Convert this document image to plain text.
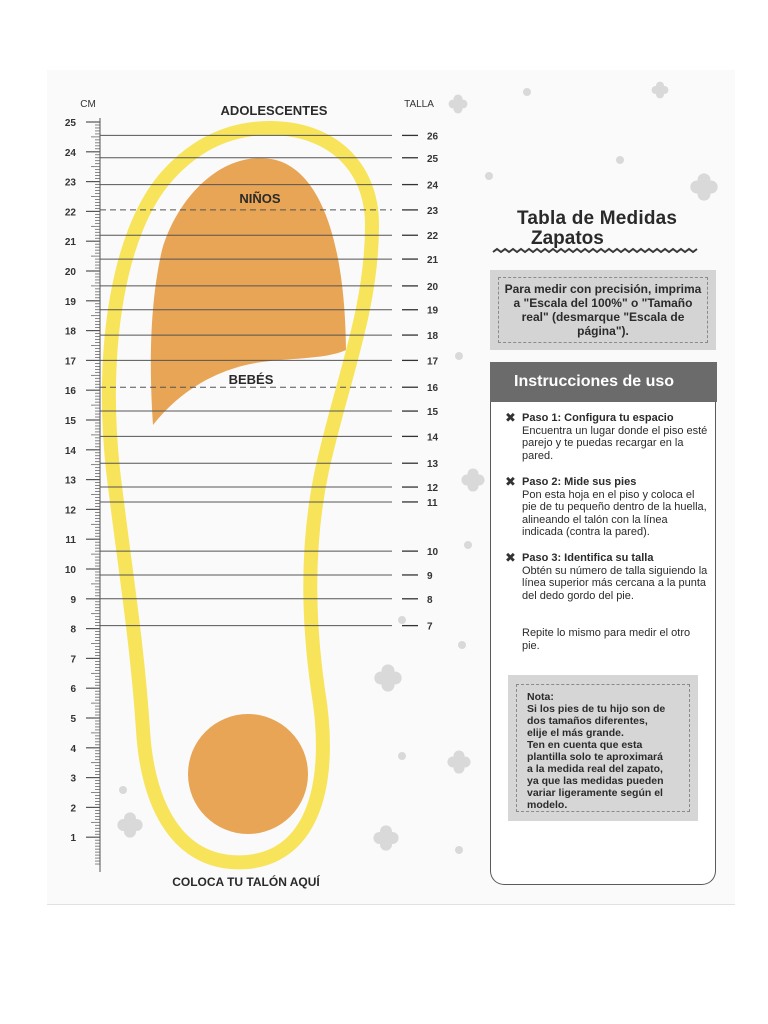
25
24
23
22
21
20
19
18
17
16
15
14
13
12
11
10
9
8
7
6
5
4
3
2
1
26
25
24
23
22
21
20
19
18
17
16
15
14
13
12
11
10
9
8
7
CM	TALLA
ADOLESCENTES
NIÑOS
BEBÉS
COLOCA TU TALÓN AQUÍ
Tabla de Medidas
Zapatos
Para medir con precisión, imprima a "Escala del 100%" o "Tamaño real" (desmarque "Escala de página").
Instrucciones de uso
✖ Paso 1: Configura tu espacio
Encuentra un lugar donde el piso esté parejo y te puedas recargar en la pared.
✖ Paso 2: Mide sus pies
Pon esta hoja en el piso y coloca el pie de tu pequeño dentro de la huella, alineando el talón con la línea indicada (contra la pared).
✖ Paso 3: Identifica su talla
Obtén su número de talla siguiendo la línea superior más cercana a la punta del dedo gordo del pie.
Repite lo mismo para medir el otro pie.
Nota:
Si los pies de tu hijo son de
dos tamaños diferentes,
elije el más grande.
Ten en cuenta que esta
plantilla solo te aproximará
a la medida real del zapato,
ya que las medidas pueden
variar ligeramente según el
modelo.
